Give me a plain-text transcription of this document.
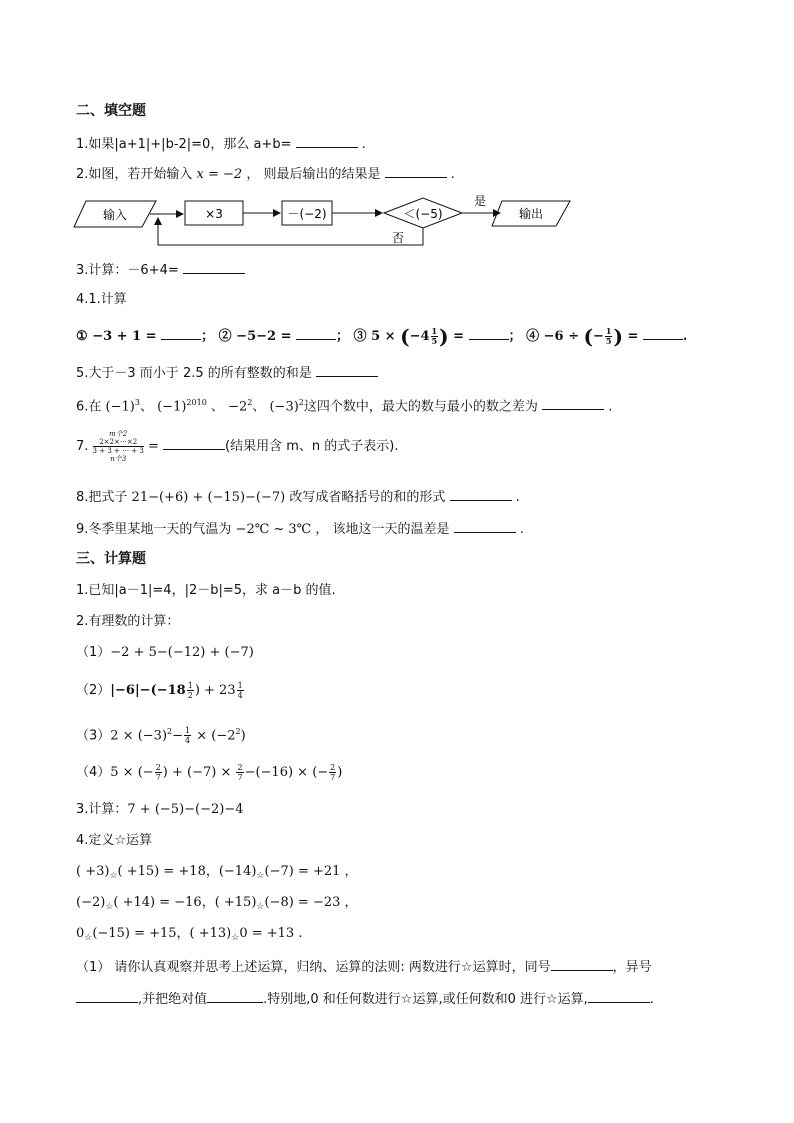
二、填空题
1.如果|a+1|+|b-2|=0，那么 a+b=	.
2.如图，若开始输入 x = −2 ， 则最后输出的结果是	.
输入	×3	－(−2)	＜(−5)
是
输出
否
3.计算：－6+4=
4.1.计算
① −3 + 1 =	； ② −5−2 =	； ③ $5 \times (-4 \frac{1}{5}$ ) =	； ④ −6 ÷ (− $\frac{1}{5}$ ) =	.
5.大于－3 而小于 2.5 的所有整数的和是
6.在 $(-1)^3$、 $(-1)^{2010}$ 、 $-2^2$、 $(-3)^2$这四个数中，最大的数与最小的数之差为	.
7.
m个2
2×2×⋯×2
3 + 3 + ⋯ + 3
n个3
=	(结果用含 m、n 的式子表示).
8.把式子 21−(+6) + (−15)−(−7) 改写成省略括号的和的形式	.
9.冬季里某地一天的气温为 −2℃ ~ 3℃ ， 该地这一天的温差是	.
三、计算题
1.已知|a－1|=4，|2－b|=5，求 a－b 的值.
2.有理数的计算：
（1）−2 + 5−(−12) + (−7)
$(2)|-6|-(-18 \frac{1}{2}$ ) + $23 \frac{1}{4}$
$(3)2 \times (-3)^2- \frac{1}{4} \times (-2^2)$
（4）5 × (− $\frac{2}{7}$ ) + $(-7) \times \frac{2}{7} -(-16)$ × (− $\frac{2}{7}$ )
3.计算：7 + (−5)−(−2)−4
4.定义☆运算
( $+3)_☆( +15) = +18$，$(-14)_☆(-7) = +21$ ，
$(-2)_☆( +14) = -16$，( $+15)_☆(-8) = -23$ ，
$0_☆(-15) = +15$，( $+13)_☆0 = +13$ .
（1） 请你认真观察并思考上述运算，归纳、运算的法则: 两数进行☆运算时，同号	，异号
,并把绝对值	.特别地,0 和任何数进行☆运算,或任何数和0 进行☆运算,	.
